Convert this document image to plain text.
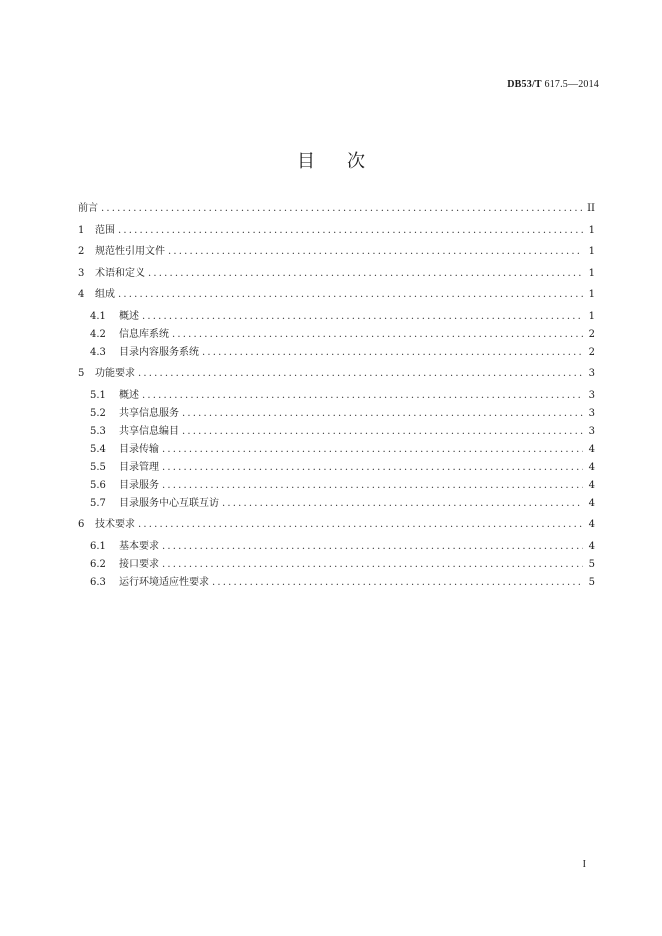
DB53/T 617.5—2014
目次
前言 .....	II
1	范围 .....	1
2	规范性引用文件 .....	1
3	术语和定义 .....	1
4	组成 .....	1
4.1	概述 .....	1
4.2	信息库系统 .....	2
4.3	目录内容服务系统 .....	2
5	功能要求 .....	3
5.1	概述 .....	3
5.2	共享信息服务 .....	3
5.3	共享信息编目 .....	3
5.4	目录传输 .....	4
5.5	目录管理 .....	4
5.6	目录服务 .....	4
5.7	目录服务中心互联互访 .....	4
6	技术要求 .....	4
6.1	基本要求 .....	4
6.2	接口要求 .....	5
6.3	运行环境适应性要求 .....	5
I
